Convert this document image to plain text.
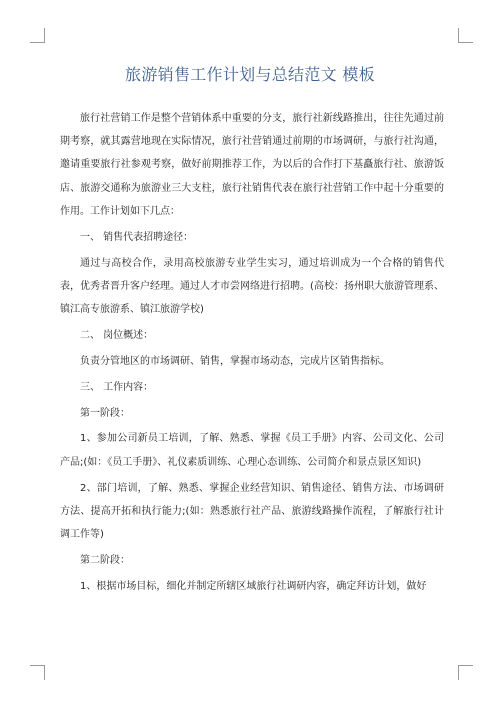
旅游销售工作计划与总结范文 模板

旅行社营销工作是整个营销体系中重要的分支，旅行社新线路推出，往往先通过前期考察，就其露营地现在实际情况，旅行社营销通过前期的市场调研，与旅行社沟通，邀请重要旅行社参观考察，做好前期推荐工作，为以后的合作打下基矗旅行社、旅游饭店、旅游交通称为旅游业三大支柱，旅行社销售代表在旅行社营销工作中起十分重要的作用。工作计划如下几点：

一、 销售代表招聘途径：

通过与高校合作，录用高校旅游专业学生实习，通过培训成为一个合格的销售代表，优秀者晋升客户经理。通过人才市尝网络进行招聘。(高校：扬州职大旅游管理系、镇江高专旅游系、镇江旅游学校)

二、 岗位概述：

负责分管地区的市场调研、销售，掌握市场动态，完成片区销售指标。

三、 工作内容：

第一阶段：

1、参加公司新员工培训，了解、熟悉、掌握《员工手册》内容、公司文化、公司产品;(如：《员工手册》、礼仪素质训练、心理心态训练、公司简介和景点景区知识)

2、部门培训，了解、熟悉、掌握企业经营知识、销售途径、销售方法、市场调研方法、提高开拓和执行能力;(如：熟悉旅行社产品、旅游线路操作流程，了解旅行社计调工作等)

第二阶段：

1、根据市场目标，细化并制定所辖区域旅行社调研内容，确定拜访计划，做好
